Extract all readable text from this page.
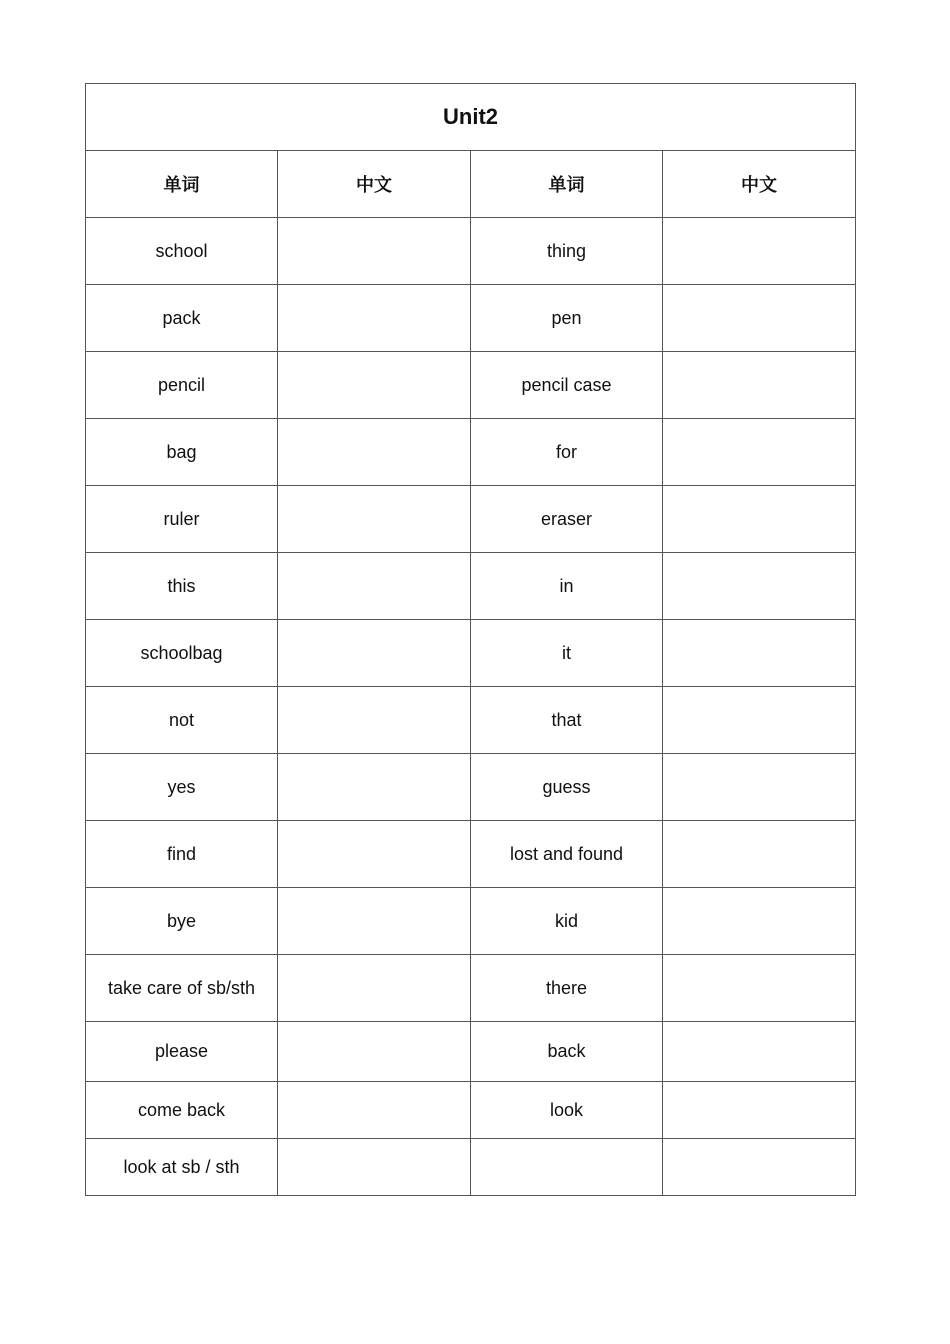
Unit2			
单词	中文	单词	中文
school		thing	
pack		pen	
pencil		pencil case	
bag		for	
ruler		eraser	
this		in	
schoolbag		it	
not		that	
yes		guess	
find		lost and found	
bye		kid	
take care of sb/sth		there	
please		back	
come back		look	
look at sb / sth			
